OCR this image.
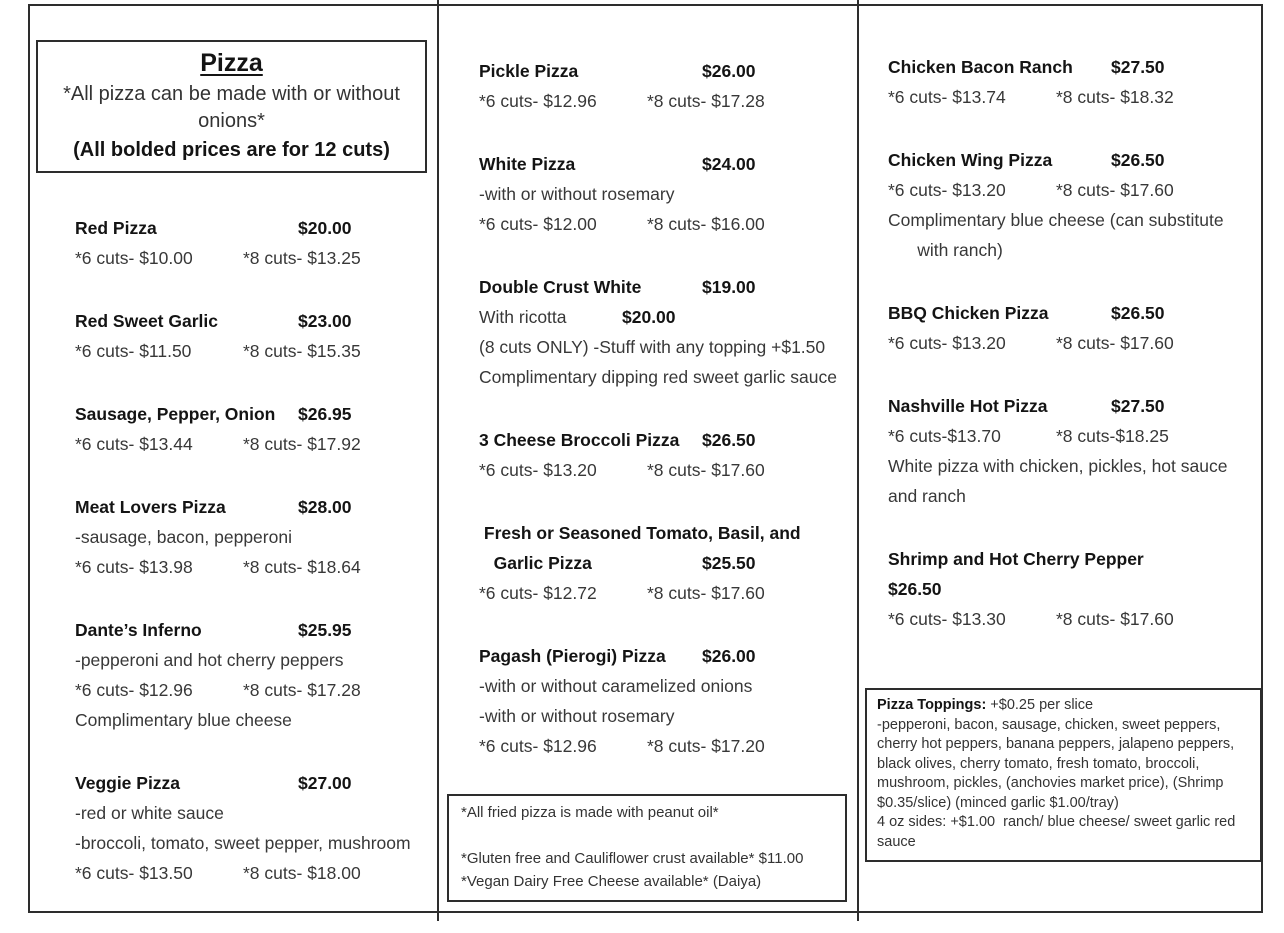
Pizza
*All pizza can be made with or without onions*
(All bolded prices are for 12 cuts)
Red Pizza	$20.00
*6 cuts- $10.00	*8 cuts- $13.25
Red Sweet Garlic	$23.00
*6 cuts- $11.50	*8 cuts- $15.35
Sausage, Pepper, Onion	$26.95
*6 cuts- $13.44	*8 cuts- $17.92
Meat Lovers Pizza	$28.00
-sausage, bacon, pepperoni
*6 cuts- $13.98	*8 cuts- $18.64
Dante’s Inferno	$25.95
-pepperoni and hot cherry peppers
*6 cuts- $12.96	*8 cuts- $17.28
Complimentary blue cheese
Veggie Pizza	$27.00
-red or white sauce
-broccoli, tomato, sweet pepper, mushroom
*6 cuts- $13.50	*8 cuts- $18.00
Pickle Pizza	$26.00
*6 cuts- $12.96	*8 cuts- $17.28
White Pizza	$24.00
-with or without rosemary
*6 cuts- $12.00	*8 cuts- $16.00
Double Crust White	$19.00
With ricotta	$20.00
(8 cuts ONLY) -Stuff with any topping +$1.50
Complimentary dipping red sweet garlic sauce
3 Cheese Broccoli Pizza	$26.50
*6 cuts- $13.20	*8 cuts- $17.60
Fresh or Seasoned Tomato, Basil, and
Garlic Pizza	$25.50
*6 cuts- $12.72	*8 cuts- $17.60
Pagash (Pierogi) Pizza	$26.00
-with or without caramelized onions
-with or without rosemary
*6 cuts- $12.96	*8 cuts- $17.20
*All fried pizza is made with peanut oil*

*Gluten free and Cauliflower crust available* $11.00
*Vegan Dairy Free Cheese available* (Daiya)
Chicken Bacon Ranch	$27.50
*6 cuts- $13.74	*8 cuts- $18.32
Chicken Wing Pizza	$26.50
*6 cuts- $13.20	*8 cuts- $17.60
Complimentary blue cheese (can substitute
with ranch)
BBQ Chicken Pizza	$26.50
*6 cuts- $13.20	*8 cuts- $17.60
Nashville Hot Pizza	$27.50
*6 cuts-$13.70	*8 cuts-$18.25
White pizza with chicken, pickles, hot sauce
and ranch
Shrimp and Hot Cherry Pepper
$26.50
*6 cuts- $13.30	*8 cuts- $17.60
Pizza Toppings: +$0.25 per slice
-pepperoni, bacon, sausage, chicken, sweet peppers, cherry hot peppers, banana peppers, jalapeno peppers,  black olives, cherry tomato, fresh tomato, broccoli, mushroom, pickles, (anchovies market price), (Shrimp $0.35/slice) (minced garlic $1.00/tray)
4 oz sides: +$1.00  ranch/ blue cheese/ sweet garlic red sauce
